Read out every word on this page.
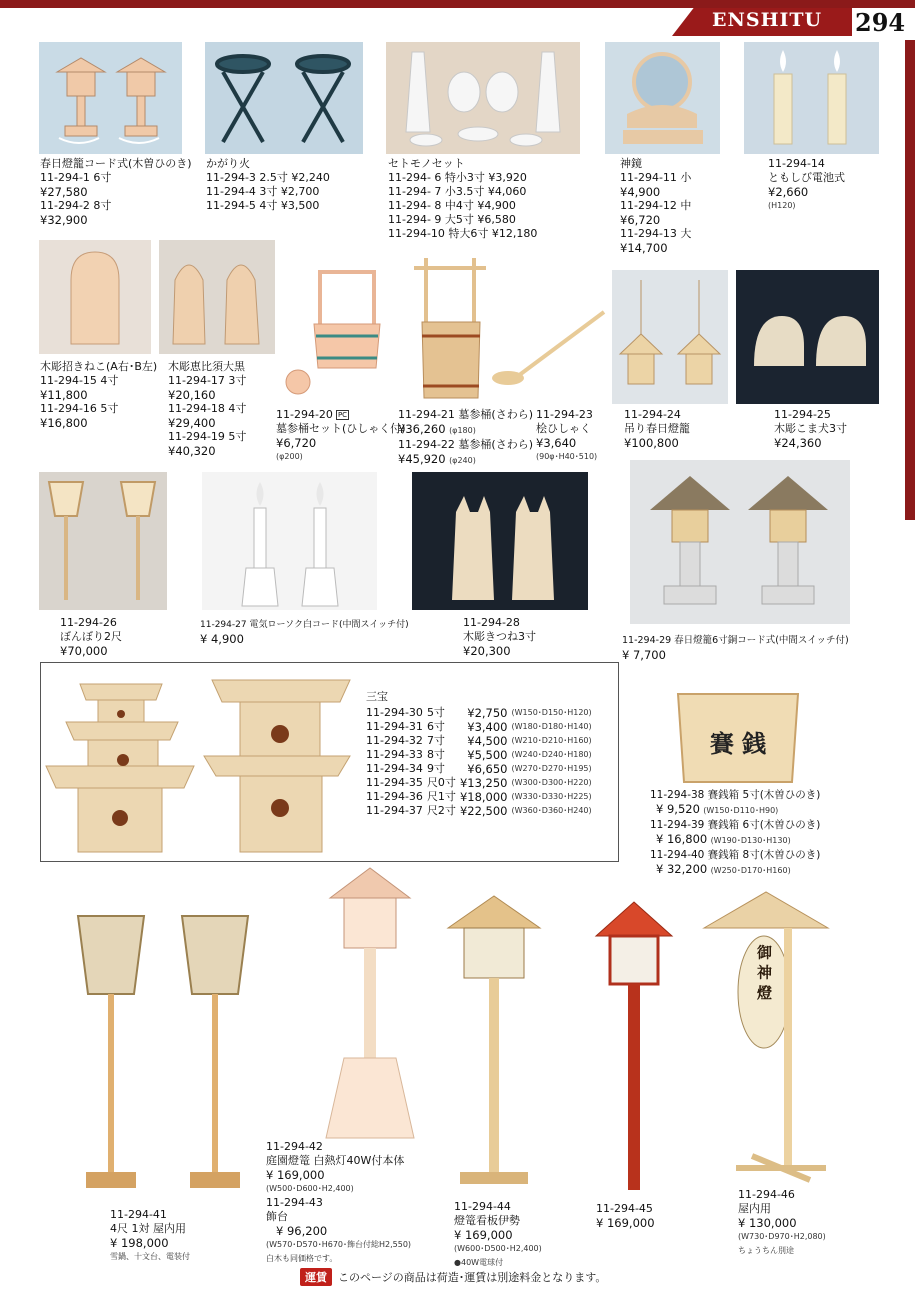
ENSHITU 294
春日燈籠コード式(木曽ひのき)
11-294-1 6寸
¥27,580
11-294-2 8寸
¥32,900
かがり火
11-294-3 2.5寸 ¥2,240
11-294-4 3寸 ¥2,700
11-294-5 4寸 ¥3,500
セトモノセット
11-294- 6 特小3寸 ¥3,920
11-294- 7 小3.5寸 ¥4,060
11-294- 8 中4寸 ¥4,900
11-294- 9 大5寸 ¥6,580
11-294-10 特大6寸 ¥12,180
神鏡
11-294-11 小
¥4,900
11-294-12 中
¥6,720
11-294-13 大
¥14,700
11-294-14
ともしび電池式
¥2,660
(H120)
木彫招きねこ(A右･B左)
11-294-15 4寸
¥11,800
11-294-16 5寸
¥16,800
木彫恵比須大黒
11-294-17 3寸
¥20,160
11-294-18 4寸
¥29,400
11-294-19 5寸
¥40,320
11-294-20 PC
墓参桶セット(ひしゃく付)
¥6,720
(φ200)
11-294-21 墓参桶(さわら)
¥36,260 (φ180)
11-294-22 墓参桶(さわら)
¥45,920 (φ240)
11-294-23
桧ひしゃく
¥3,640
(90φ･H40･510)
11-294-24
吊り春日燈籠
¥100,800
11-294-25
木彫こま犬3寸
¥24,360
11-294-26
ぼんぼり2尺
¥70,000
11-294-27 電気ローソク白コード(中間スイッチ付)
¥ 4,900
11-294-28
木彫きつね3寸
¥20,300
11-294-29 春日燈籠6寸銅コード式(中間スイッチ付)
¥ 7,700
三宝
11-294-30	5寸	¥2,750	(W150･D150･H120)
11-294-31	6寸	¥3,400	(W180･D180･H140)
11-294-32	7寸	¥4,500	(W210･D210･H160)
11-294-33	8寸	¥5,500	(W240･D240･H180)
11-294-34	9寸	¥6,650	(W270･D270･H195)
11-294-35	尺0寸	¥13,250	(W300･D300･H220)
11-294-36	尺1寸	¥18,000	(W330･D330･H225)
11-294-37	尺2寸	¥22,500	(W360･D360･H240)
賽 銭
11-294-38 賽銭箱 5寸(木曽ひのき)
¥ 9,520 (W150･D110･H90)
11-294-39 賽銭箱 6寸(木曽ひのき)
¥ 16,800 (W190･D130･H130)
11-294-40 賽銭箱 8寸(木曽ひのき)
¥ 32,200 (W250･D170･H160)
御 神 燈
11-294-41
4尺 1対 屋内用
¥ 198,000
雪鍋、十文台、電装付
11-294-42
庭園燈篭 白熱灯40W付本体
¥ 169,000
(W500･D600･H2,400)
11-294-43
飾台
¥ 96,200
(W570･D570･H670･飾台付総H2,550)
白木も同価格です。
11-294-44
燈篭看板伊勢
¥ 169,000
(W600･D500･H2,400)
●40W電球付
11-294-45
¥ 169,000
11-294-46
屋内用
¥ 130,000
(W730･D970･H2,080)
ちょうちん別途
運賃 このページの商品は荷造･運賃は別途料金となります。
